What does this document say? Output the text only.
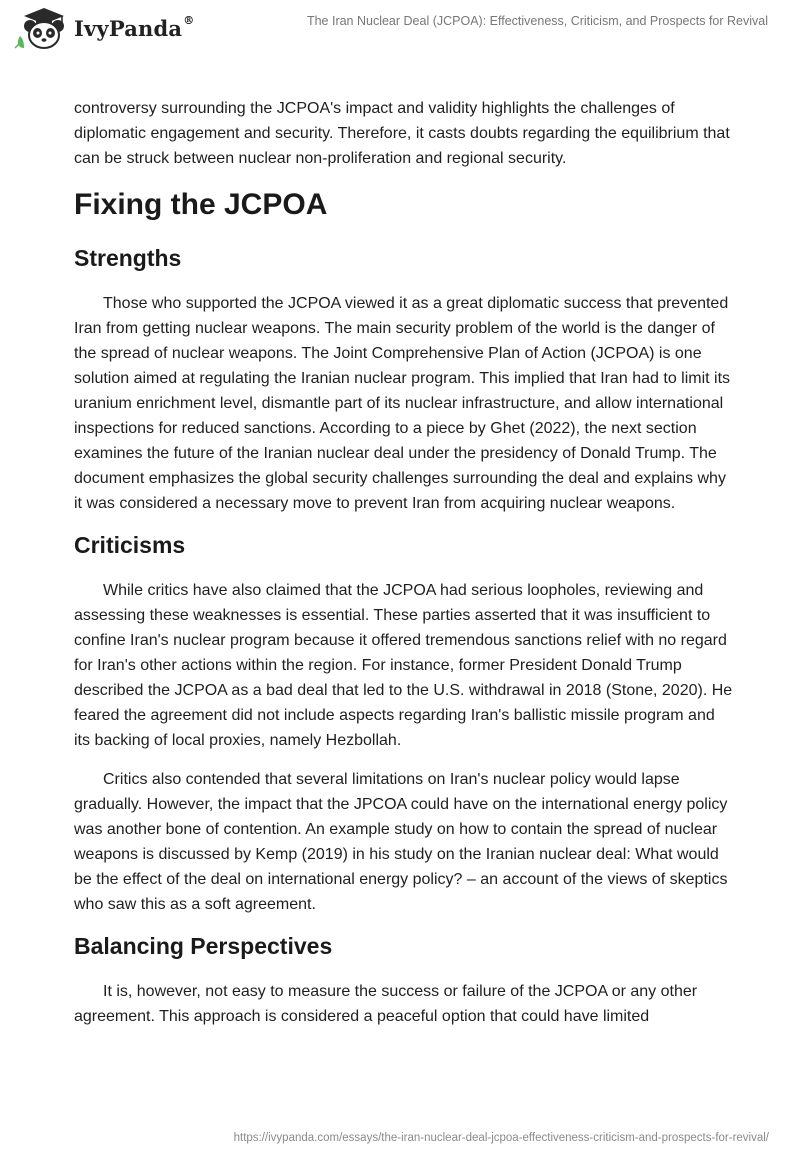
IvyPanda®	The Iran Nuclear Deal (JCPOA): Effectiveness, Criticism, and Prospects for Revival

controversy surrounding the JCPOA's impact and validity highlights the challenges of diplomatic engagement and security. Therefore, it casts doubts regarding the equilibrium that can be struck between nuclear non-proliferation and regional security.

Fixing the JCPOA
Strengths

Those who supported the JCPOA viewed it as a great diplomatic success that prevented Iran from getting nuclear weapons. The main security problem of the world is the danger of the spread of nuclear weapons. The Joint Comprehensive Plan of Action (JCPOA) is one solution aimed at regulating the Iranian nuclear program. This implied that Iran had to limit its uranium enrichment level, dismantle part of its nuclear infrastructure, and allow international inspections for reduced sanctions. According to a piece by Ghet (2022), the next section examines the future of the Iranian nuclear deal under the presidency of Donald Trump. The document emphasizes the global security challenges surrounding the deal and explains why it was considered a necessary move to prevent Iran from acquiring nuclear weapons.

Criticisms

While critics have also claimed that the JCPOA had serious loopholes, reviewing and assessing these weaknesses is essential. These parties asserted that it was insufficient to confine Iran's nuclear program because it offered tremendous sanctions relief with no regard for Iran's other actions within the region. For instance, former President Donald Trump described the JCPOA as a bad deal that led to the U.S. withdrawal in 2018 (Stone, 2020). He feared the agreement did not include aspects regarding Iran's ballistic missile program and its backing of local proxies, namely Hezbollah.

Critics also contended that several limitations on Iran's nuclear policy would lapse gradually. However, the impact that the JPCOA could have on the international energy policy was another bone of contention. An example study on how to contain the spread of nuclear weapons is discussed by Kemp (2019) in his study on the Iranian nuclear deal: What would be the effect of the deal on international energy policy? – an account of the views of skeptics who saw this as a soft agreement.

Balancing Perspectives

It is, however, not easy to measure the success or failure of the JCPOA or any other agreement. This approach is considered a peaceful option that could have limited

https://ivypanda.com/essays/the-iran-nuclear-deal-jcpoa-effectiveness-criticism-and-prospects-for-revival/
